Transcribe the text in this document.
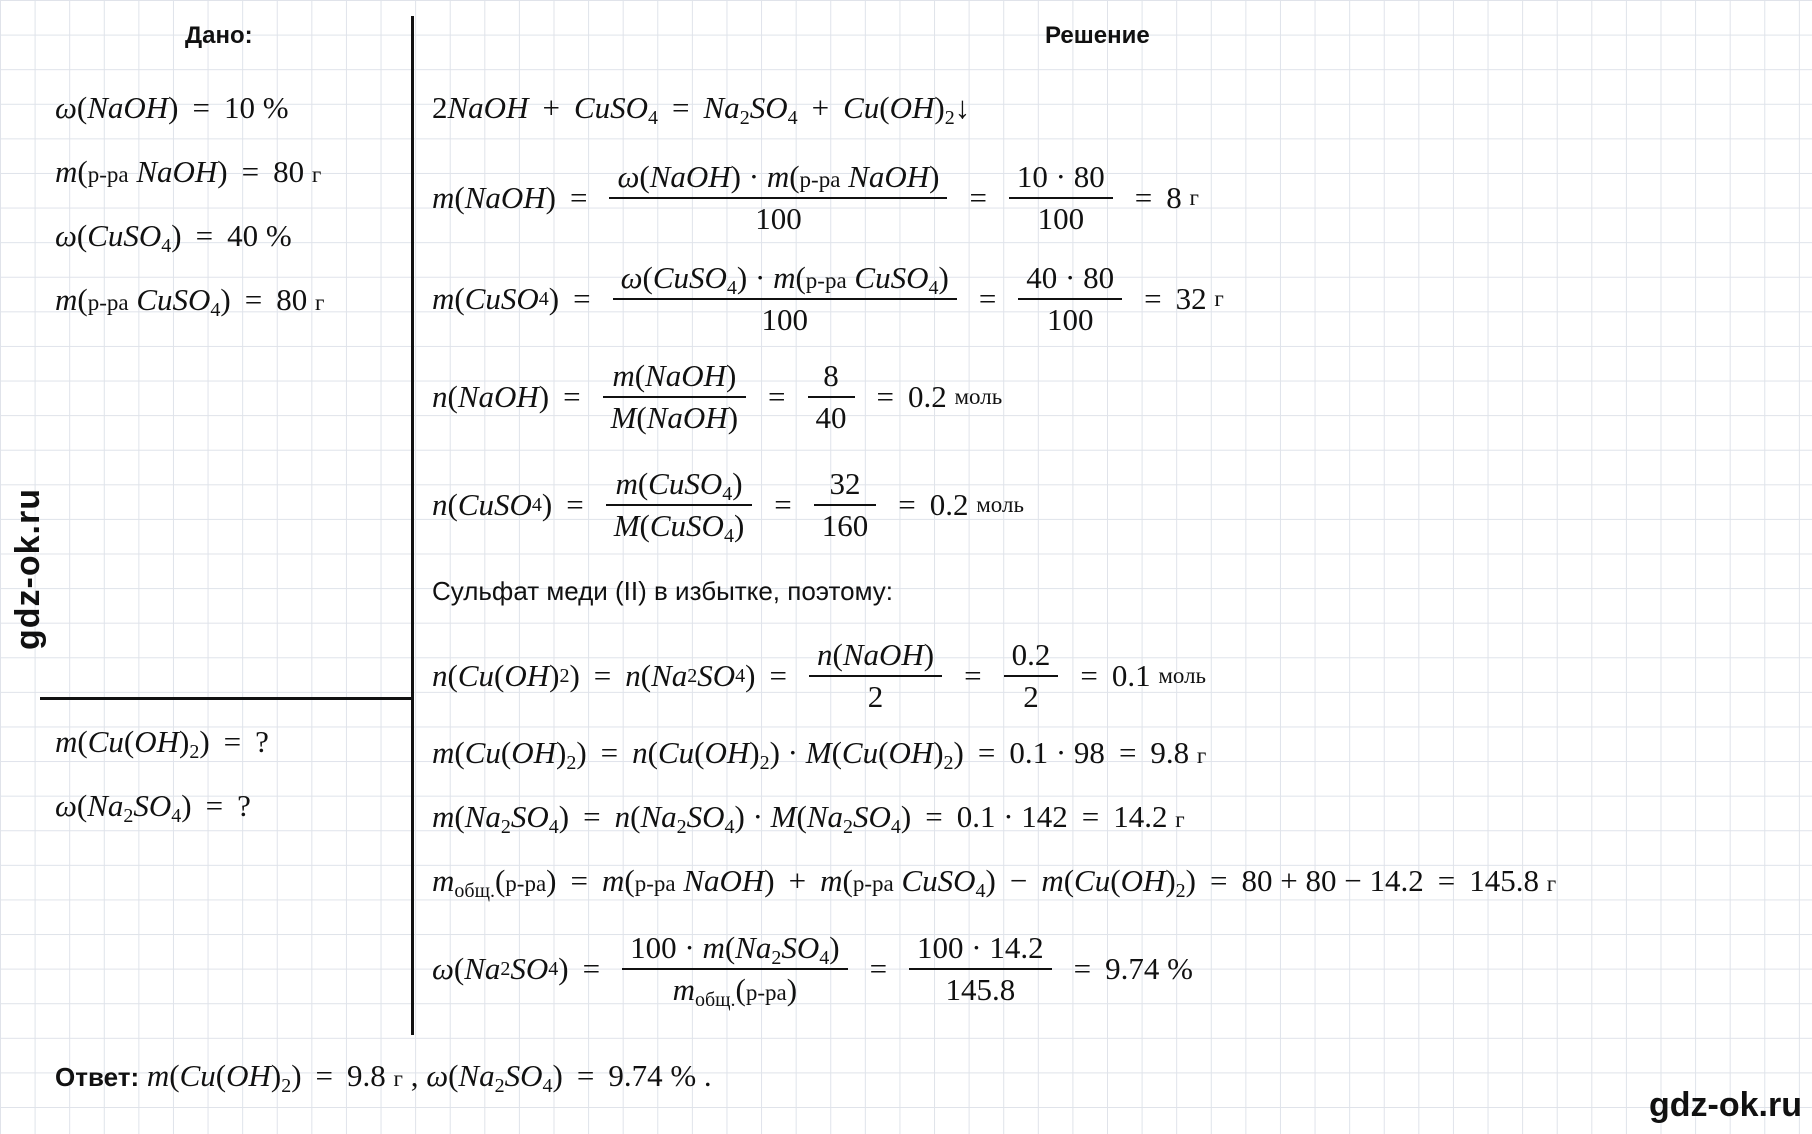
Дано:	Решение
gdz-ok.ru
gdz-ok.ru
ω(NaOH) = 10 %
m(р-ра NaOH) = 80 г
ω(CuSO$_4$) = 40 %
m(р-ра CuSO$_4$) = 80 г
$m(Cu(OH)_2)$ = ?
$\omega(Na_2SO_4)$ = ?
2NaOH + CuSO$_4$ = $Na_2SO_4$ + $Cu(OH)_2↓$
m ( NaOH ) = $\frac{\text{ω(NaOH) · m(р-ра NaOH)}}{100} = \frac{10 \cdot 80}{100} = 8$
г
m ( CuSO 4 ) = $\frac{\omega(CuSO_4) \cdot m(р-ра CuSO_4)}{100} = \frac{40 \cdot 80}{100} = 32$
г
n ( NaOH ) = $\frac{\text{m(NaOH)}}{\text{M(NaOH)}} = \frac{8}{40} = 0.2$
моль
n ( CuSO 4 ) = $\frac{m(CuSO_4)}{M(CuSO_4)} = \frac{32}{160} = 0.2$
моль
Сульфат меди (II) в избытке, поэтому:
n ( Cu ( OH ) 2 ) = n ( Na 2 SO 4 ) = $\frac{\text{n(NaOH)}}{2} = \frac{0.2}{2} = 0.1$
моль
$m(Cu(OH)_2) = n(Cu(OH)_2) \cdot M(Cu(OH)_2) = 0.1 \cdot 98 = 9.8$ г
$m(Na_2SO_4) = n(Na_2SO_4) \cdot M(Na_2SO_4) = 0.1 \cdot 142 = 14.2$ г
$m_{общ.}(р-ра) = m(р-ра$ NaOH) + m(р-ра CuSO$_4$) − $m(Cu(OH)_2) = 80 + 80 - 14.2 = 145.8$ г
ω ( Na 2 SO 4 ) = $\frac{100 \cdot m(Na_2SO_4)}{m_{общ.}(р-ра)} = \frac{100 \cdot 14.2}{145.8} = 9.74$ %
Ответ: $m(Cu(OH)_2) = 9.8$ г , $\omega(Na_2SO_4) = 9.74$ % .
